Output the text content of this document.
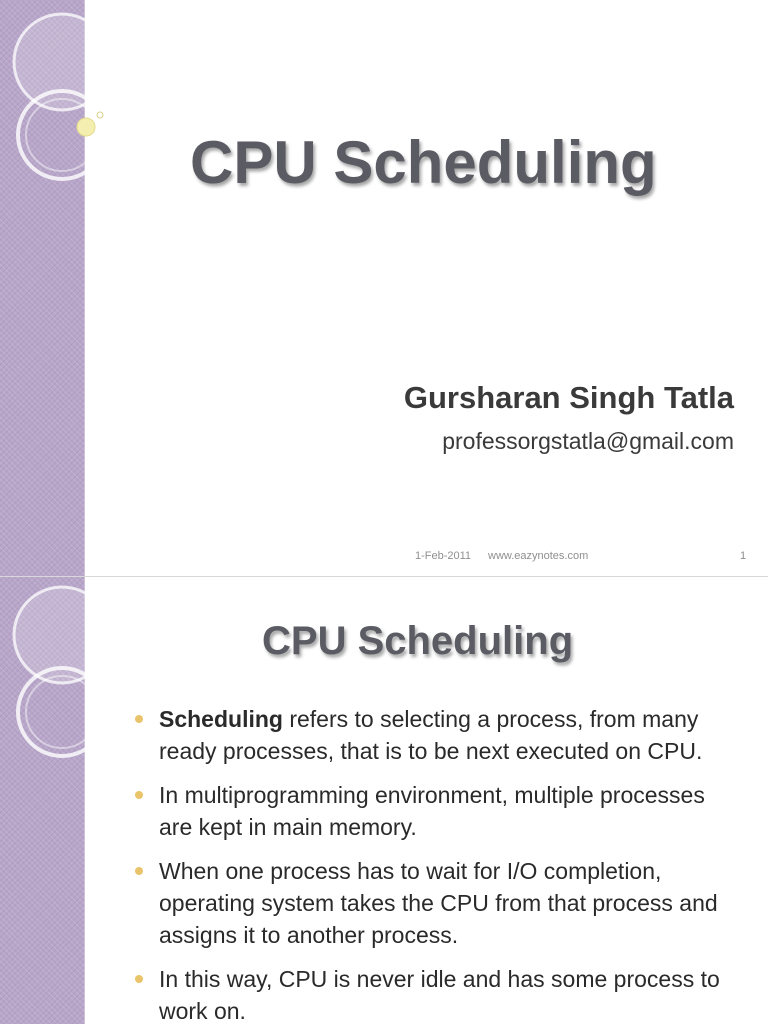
CPU Scheduling
Gursharan Singh Tatla
professorgstatla@gmail.com
1-Feb-2011 www.eazynotes.com	1
CPU Scheduling
Scheduling refers to selecting a process, from many ready processes, that is to be next executed on CPU.
In multiprogramming environment, multiple processes are kept in main memory.
When one process has to wait for I/O completion, operating system takes the CPU from that process and assigns it to another process.
In this way, CPU is never idle and has some process to work on.
